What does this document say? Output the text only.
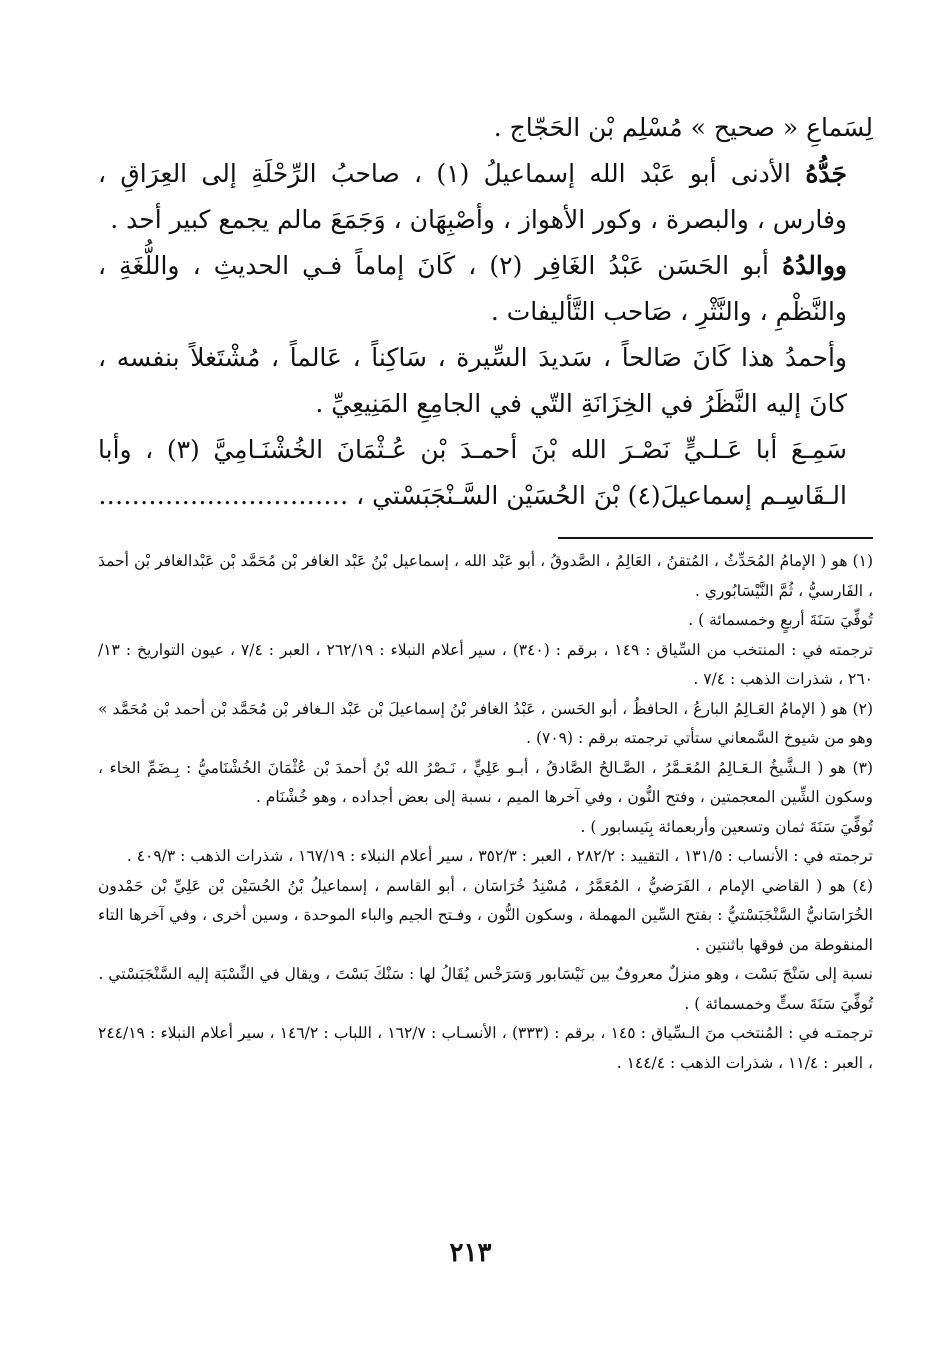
لِسَماعِ « صحيح » مُسْلِم بْن الحَجّاج .

جَدُّهُ الأدنى أبو عَبْد الله إسماعيلُ (١) ، صاحبُ الرِّحْلَةِ إلى العِرَاقِ ، وفارس ، والبصرة ، وكور الأهواز ، وأصْبِهَان ، وَجَمَعَ مالم يجمع كبير أحد .

ووالدُهُ أبو الحَسَن عَبْدُ الغَافِر (٢) ، كَانَ إماماً فـي الحديثِ ، واللُّغَةِ ، والنَّظْمِ ، والنَّثْرِ ، صَاحب التَّأليفات .

وأحمدُ هذا كَانَ صَالحاً ، سَديدَ السِّيرة ، سَاكِناً ، عَالماً ، مُشْتَغلاً بنفسه ، كانَ إليه النَّظَرُ في الخِزَانَةِ التّي في الجامِعِ المَنِيعِيِّ .

سَمِـعَ أبا عَـلـيٍّ نَصْـرَ الله بْنَ أحمـدَ بْن عُـثْمَانَ الخُشْنَـامِيَّ (٣) ، وأبا الـقَاسِـم إسماعيلَ(٤) بْنَ الحُسَيْن السَّـنْجَبَسْتي ، …………………………

(١) هو ( الإمامُ المُحَدِّثُ ، المُتقنُ ، العَالِمُ ، الصَّدوقُ ، أبو عَبْد الله ، إسماعيل بْنُ عَبْد الغافر بْن مُحَمَّد بْن عَبْدالغافر بْن أحمدَ ، الفَارسيُّ ، ثُمَّ النَّيْسَابُوري .

تُوفِّيَ سَنَةَ أربعٍ وخمسمائة ) .

ترجمته في : المنتخب من السِّياق : ١٤٩ ، برقم : (٣٤٠) ، سير أعلام النبلاء : ٢٦٢/١٩ ، العبر : ٧/٤ ، عيون التواريخ : ١٣/ ٢٦٠ ، شذرات الذهب : ٧/٤ .

(٢) هو ( الإمامُ العَـالِمُ البارعُ ، الحافظُ ، أبو الحَسن ، عَبْدُ الغافر بْنُ إسماعيلَ بْن عَبْد الـغافر بْن مُحَمَّد بْن أحمد بْن مُحَمَّد » وهو من شيوخ السَّمعاني ستأتي ترجمته برقم : (٧٠٩) .

(٣) هو ( الـشَّيخُ الـعَـالِمُ المُعَـمَّرُ ، الصَّـالحُ الصَّادقُ ، أبـو عَلِيٍّ ، نَـصْرُ الله بْنُ أحمدَ بْن عُثْمَانَ الخُشْنَاميُّ : بِـضَمِّ الخاء ، وسكون الشِّين المعجمتين ، وفتح النُّون ، وفي آخرها الميم ، نسبة إلى بعض أجداده ، وهو خُشْنَام .

تُوفِّيَ سَنَةَ ثمان وتسعين وأربعمائة بِنَيسابور ) .

ترجمته في : الأنساب : ١٣١/٥ ، التقييد : ٢٨٢/٢ ، العبر : ٣٥٢/٣ ، سير أعلام النبلاء : ١٦٧/١٩ ، شذرات الذهب : ٤٠٩/٣ .

(٤) هو ( القاضي الإمام ، الفَرَضيُّ ، المُعَمَّرُ ، مُسْنِدُ خُرَاسَان ، أبو القاسم ، إسماعيلُ بْنُ الحُسَيْن بْن عَلِيِّ بْن حَمْدون الخُرَاسَانيُّ السَّنْجَبَسْتيُّ : بفتح السِّين المهملة ، وسكون النُّون ، وفـتح الجيم والباء الموحدة ، وسين أخرى ، وفي آخرها التاء المنقوطة من فوقها باثنتين .

نسبة إلى سَنْجَ بَسْت ، وهو منزلٌ معروفٌ بين نَيْسَابور وَسَرَخْس يُقَالُ لها : سَنْكَ بَسْتَ ، ويقال في النِّسْبَة إليه السَّنْجَبَسْتي .

تُوفِّيَ سَنَةَ ستٍّ وخمسمائة ) .

ترجمتـه في : المُنتخب منَ الـسِّياق : ١٤٥ ، برقم : (٣٣٣) ، الأنسـاب : ١٦٢/٧ ، اللباب : ١٤٦/٢ ، سير أعلام النبلاء : ٢٤٤/١٩ ، العبر : ١١/٤ ، شذرات الذهب : ١٤٤/٤ .

٢١٣
